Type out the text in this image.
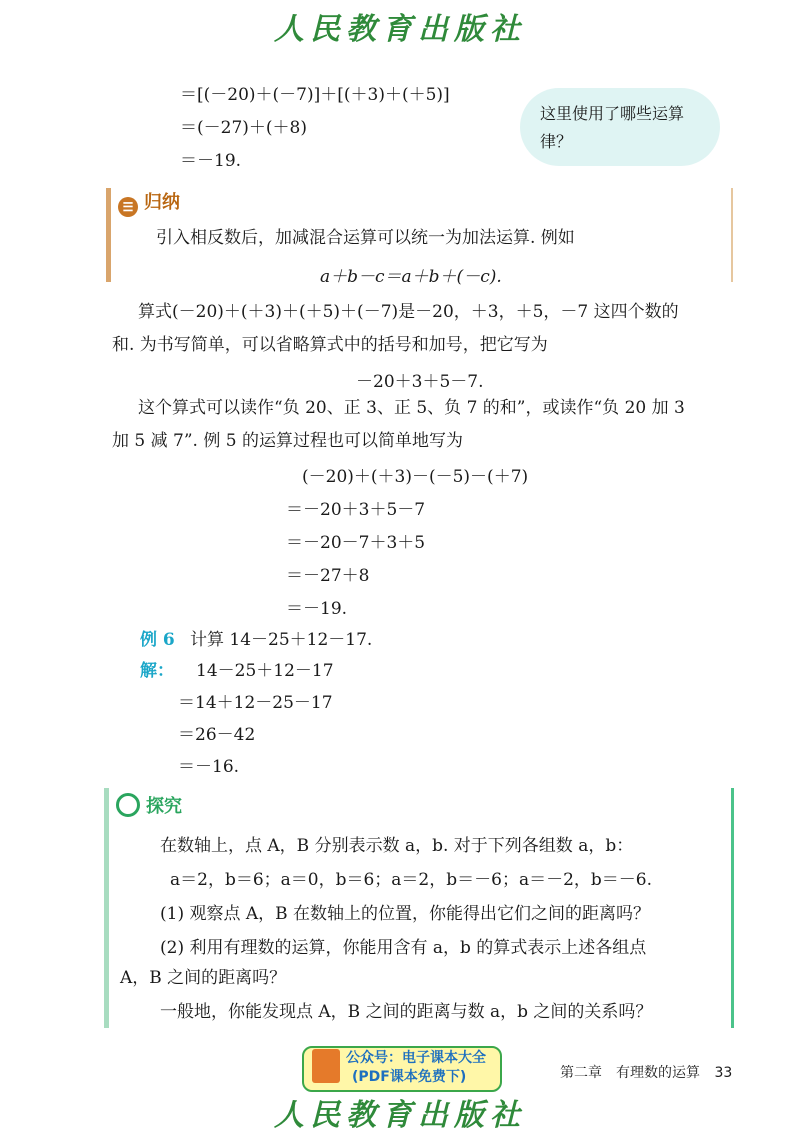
人民教育出版社
＝[(－20)＋(－7)]＋[(＋3)＋(＋5)]
＝(－27)＋(＋8)
＝－19.
这里使用了哪些运算律？
☰ 归纳
引入相反数后，加减混合运算可以统一为加法运算. 例如
a＋b－c＝a＋b＋(－c).
算式(－20)＋(＋3)＋(＋5)＋(－7)是－20，＋3，＋5，－7 这四个数的
和. 为书写简单，可以省略算式中的括号和加号，把它写为
－20＋3＋5－7.
这个算式可以读作“负 20、正 3、正 5、负 7 的和”，或读作“负 20 加 3
加 5 减 7”. 例 5 的运算过程也可以简单地写为
(－20)＋(＋3)－(－5)－(＋7)
＝－20＋3＋5－7
＝－20－7＋3＋5
＝－27＋8
＝－19.
例 6 计算 14－25＋12－17.
解： 14－25＋12－17
＝14＋12－25－17
＝26－42
＝－16.
探究
在数轴上，点 A，B 分别表示数 a，b. 对于下列各组数 a，b：
a＝2，b＝6；a＝0，b＝6；a＝2，b＝－6；a＝－2，b＝－6.
(1) 观察点 A，B 在数轴上的位置，你能得出它们之间的距离吗？
(2) 利用有理数的运算，你能用含有 a，b 的算式表示上述各组点
A，B 之间的距离吗？
一般地，你能发现点 A，B 之间的距离与数 a，b 之间的关系吗？
公众号：电子课本大全
(PDF课本免费下)	第二章　有理数的运算 33
人民教育出版社
